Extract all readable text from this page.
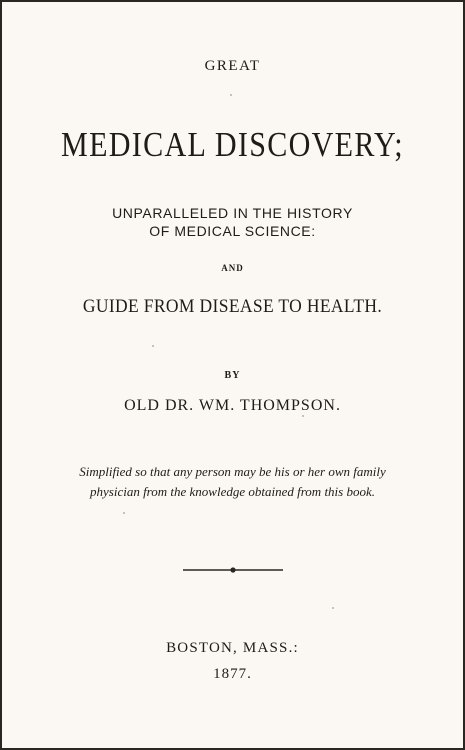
GREAT
MEDICAL DISCOVERY;
UNPARALLELED IN THE HISTORY
OF MEDICAL SCIENCE:
AND
GUIDE FROM DISEASE TO HEALTH.
BY
OLD DR. WM. THOMPSON.
Simplified so that any person may be his or her own family
physician from the knowledge obtained from this book.
BOSTON, MASS.:
1877.
